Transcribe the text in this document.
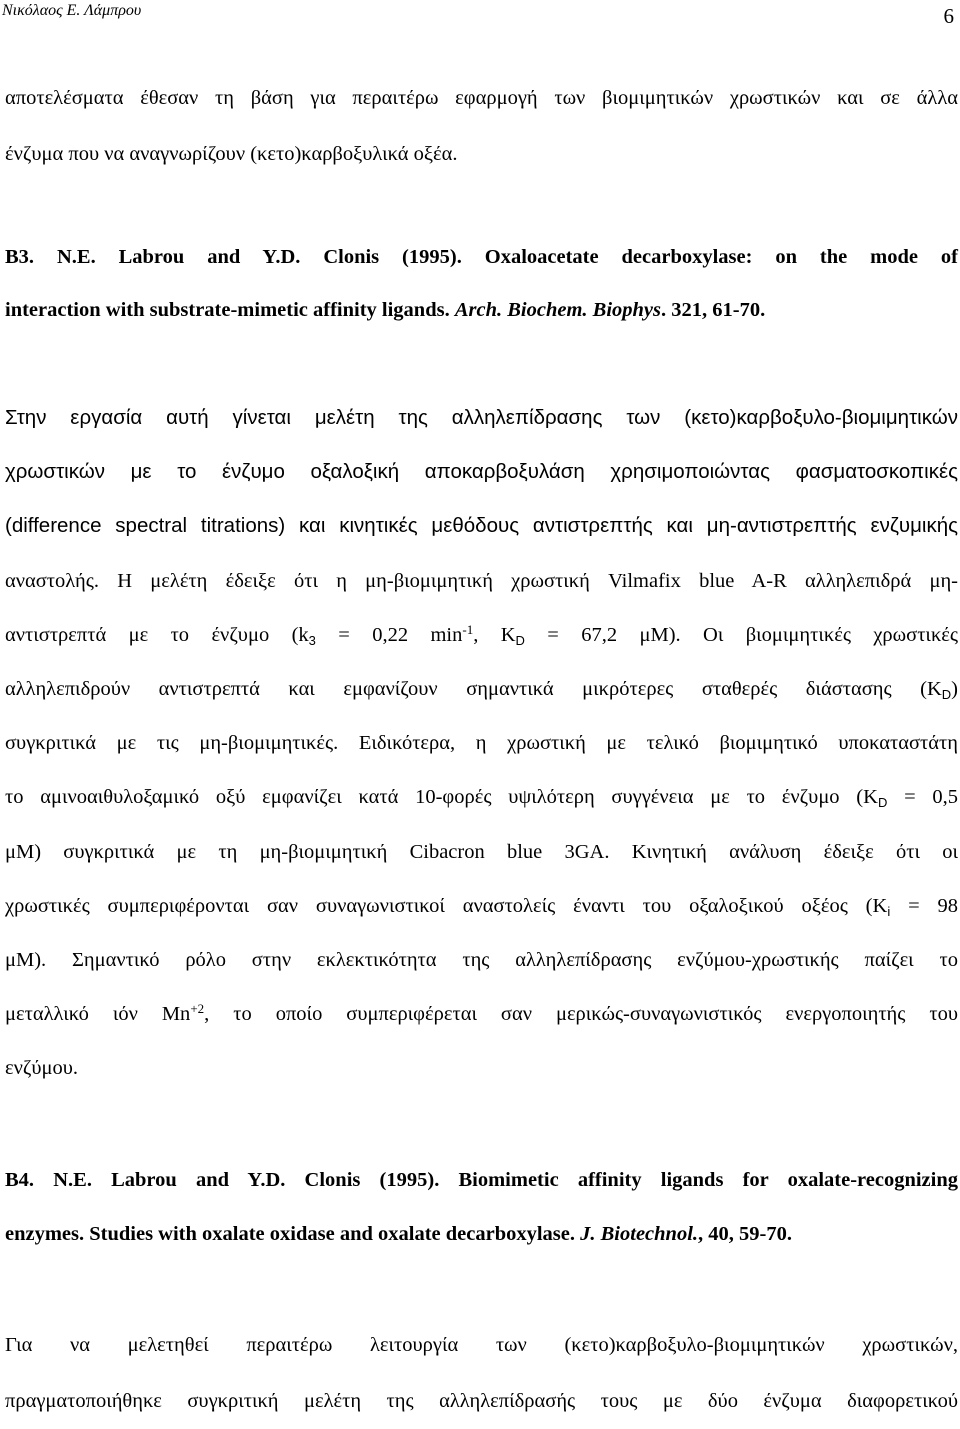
Νικόλαος Ε. Λάμπρου	6
αποτελέσματα έθεσαν τη βάση για περαιτέρω εφαρμογή των βιομιμητικών χρωστικών και σε άλλα
ένζυμα που να αναγνωρίζουν (κετο)καρβοξυλικά οξέα.
B3. N.E. Labrou and Y.D. Clonis (1995). Oxaloacetate decarboxylase: on the mode of
interaction with substrate-mimetic affinity ligands. Arch. Biochem. Biophys. 321, 61-70.
Στην εργασία αυτή γίνεται μελέτη της αλληλεπίδρασης των (κετο)καρβοξυλο-βιομιμητικών
χρωστικών με το ένζυμο οξαλοξική αποκαρβοξυλάση χρησιμοποιώντας φασματοσκοπικές
(difference spectral titrations) και κινητικές μεθόδους αντιστρεπτής και μη-αντιστρεπτής ενζυμικής
αναστολής. Η μελέτη έδειξε ότι η μη-βιομιμητική χρωστική Vilmafix blue A-R αλληλεπιδρά μη-
αντιστρεπτά με το ένζυμο ($k_3 = 0,22$ $\min^{-1}$, $K_D = 67,2$ μM). Οι βιομιμητικές χρωστικές
αλληλεπιδρούν αντιστρεπτά και εμφανίζουν σημαντικά μικρότερες σταθερές διάστασης $(K_D)$
συγκριτικά με τις μη-βιομιμητικές. Ειδικότερα, η χρωστική με τελικό βιομιμητικό υποκαταστάτη
το αμινοαιθυλοξαμικό οξύ εμφανίζει κατά 10-φορές υψιλότερη συγγένεια με το ένζυμο ($K_D = 0,5$
μM) συγκριτικά με τη μη-βιομιμητική Cibacron blue 3GA. Κινητική ανάλυση έδειξε ότι οι
χρωστικές συμπεριφέρονται σαν συναγωνιστικοί αναστολείς έναντι του οξαλοξικού οξέος ($K_i = 98$
μM). Σημαντικό ρόλο στην εκλεκτικότητα της αλληλεπίδρασης ενζύμου-χρωστικής παίζει το
μεταλλικό ιόν $Mn^{+2}$, το οποίο συμπεριφέρεται σαν μερικώς-συναγωνιστικός ενεργοποιητής του
ενζύμου.
B4. N.E. Labrou and Y.D. Clonis (1995). Biomimetic affinity ligands for oxalate-recognizing
enzymes. Studies with oxalate oxidase and oxalate decarboxylase. J. Biotechnol., 40, 59-70.
Για να μελετηθεί περαιτέρω λειτουργία των (κετο)καρβοξυλο-βιομιμητικών χρωστικών,
πραγματοποιήθηκε συγκριτική μελέτη της αλληλεπίδρασής τους με δύο ένζυμα διαφορετικού
